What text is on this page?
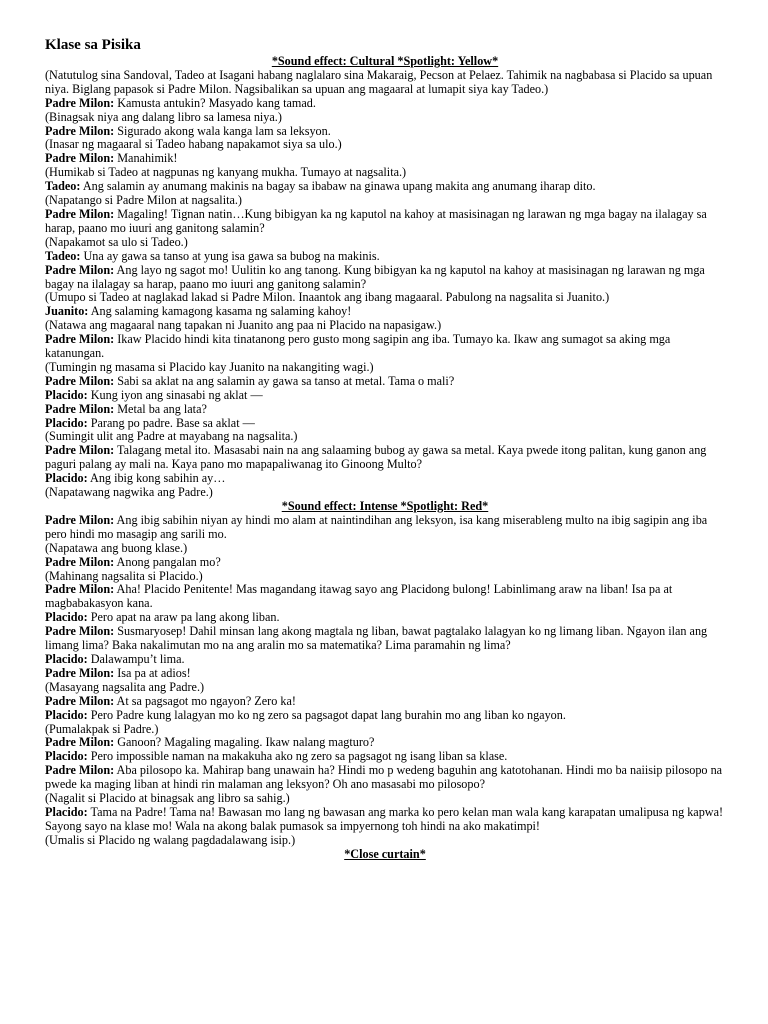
Klase sa Pisika
*Sound effect: Cultural *Spotlight: Yellow*
(Natutulog sina Sandoval, Tadeo at Isagani habang naglalaro sina Makaraig, Pecson at Pelaez. Tahimik na nagbabasa si Placido sa upuan niya. Biglang papasok si Padre Milon. Nagsibalikan sa upuan ang magaaral at lumapit siya kay Tadeo.)
Padre Milon: Kamusta antukin? Masyado kang tamad.
(Binagsak niya ang dalang libro sa lamesa niya.)
Padre Milon: Sigurado akong wala kanga lam sa leksyon.
(Inasar ng magaaral si Tadeo habang napakamot siya sa ulo.)
Padre Milon: Manahimik!
(Humikab si Tadeo at nagpunas ng kanyang mukha. Tumayo at nagsalita.)
Tadeo: Ang salamin ay anumang makinis na bagay sa ibabaw na ginawa upang makita ang anumang iharap dito.
(Napatango si Padre Milon at nagsalita.)
Padre Milon: Magaling! Tignan natin…Kung bibigyan ka ng kaputol na kahoy at masisinagan ng larawan ng mga bagay na ilalagay sa harap, paano mo iuuri ang ganitong salamin?
(Napakamot sa ulo si Tadeo.)
Tadeo: Una ay gawa sa tanso at yung isa gawa sa bubog na makinis.
Padre Milon: Ang layo ng sagot mo! Uulitin ko ang tanong. Kung bibigyan ka ng kaputol na kahoy at masisinagan ng larawan ng mga bagay na ilalagay sa harap, paano mo iuuri ang ganitong salamin?
(Umupo si Tadeo at naglakad lakad si Padre Milon. Inaantok ang ibang magaaral. Pabulong na nagsalita si Juanito.)
Juanito: Ang salaming kamagong kasama ng salaming kahoy!
(Natawa ang magaaral nang tapakan ni Juanito ang paa ni Placido na napasigaw.)
Padre Milon: Ikaw Placido hindi kita tinatanong pero gusto mong sagipin ang iba. Tumayo ka. Ikaw ang sumagot sa aking mga katanungan.
(Tumingin ng masama si Placido kay Juanito na nakangiting wagi.)
Padre Milon: Sabi sa aklat na ang salamin ay gawa sa tanso at metal. Tama o mali?
Placido: Kung iyon ang sinasabi ng aklat —
Padre Milon: Metal ba ang lata?
Placido: Parang po padre. Base sa aklat —
(Sumingit ulit ang Padre at mayabang na nagsalita.)
Padre Milon: Talagang metal ito. Masasabi nain na ang salaaming bubog ay gawa sa metal. Kaya pwede itong palitan, kung ganon ang paguri palang ay mali na. Kaya pano mo mapapaliwanag ito Ginoong Multo?
Placido: Ang ibig kong sabihin ay…
(Napatawang nagwika ang Padre.)
*Sound effect: Intense *Spotlight: Red*
Padre Milon: Ang ibig sabihin niyan ay hindi mo alam at naintindihan ang leksyon, isa kang miserableng multo na ibig sagipin ang iba pero hindi mo masagip ang sarili mo.
(Napatawa ang buong klase.)
Padre Milon: Anong pangalan mo?
(Mahinang nagsalita si Placido.)
Padre Milon: Aha! Placido Penitente! Mas magandang itawag sayo ang Placidong bulong! Labinlimang araw na liban! Isa pa at magbabakasyon kana.
Placido: Pero apat na araw pa lang akong liban.
Padre Milon: Susmaryosep! Dahil minsan lang akong magtala ng liban, bawat pagtalako lalagyan ko ng limang liban. Ngayon ilan ang limang lima? Baka nakalimutan mo na ang aralin mo sa matematika? Lima paramahin ng lima?
Placido: Dalawampu’t lima.
Padre Milon: Isa pa at adios!
(Masayang nagsalita ang Padre.)
Padre Milon: At sa pagsagot mo ngayon? Zero ka!
Placido: Pero Padre kung lalagyan mo ko ng zero sa pagsagot dapat lang burahin mo ang liban ko ngayon.
(Pumalakpak si Padre.)
Padre Milon: Ganoon? Magaling magaling. Ikaw nalang magturo?
Placido: Pero impossible naman na makakuha ako ng zero sa pagsagot ng isang liban sa klase.
Padre Milon: Aba pilosopo ka. Mahirap bang unawain ha? Hindi mo p wedeng baguhin ang katotohanan. Hindi mo ba naiisip pilosopo na pwede ka maging liban at hindi rin malaman ang leksyon? Oh ano masasabi mo pilosopo?
(Nagalit si Placido at binagsak ang libro sa sahig.)
Placido: Tama na Padre! Tama na! Bawasan mo lang ng bawasan ang marka ko pero kelan man wala kang karapatan umalipusa ng kapwa! Sayong sayo na klase mo! Wala na akong balak pumasok sa impyernong toh hindi na ako makatimpi!
(Umalis si Placido ng walang pagdadalawang isip.)
*Close curtain*
